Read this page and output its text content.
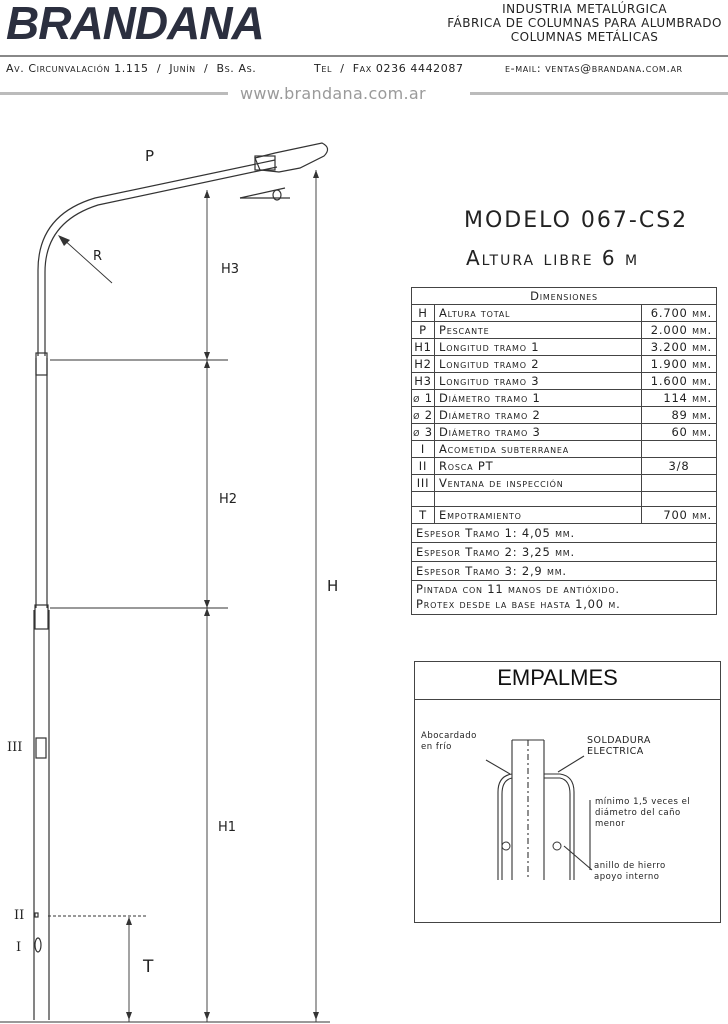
BRANDANA	INDUSTRIA METALÚRGICA
FÁBRICA DE COLUMNAS PARA ALUMBRADO
COLUMNAS METÁLICAS
Av. Circunvalación 1.115  /  Junín  /  Bs. As.	Tel  /  Fax 0236 4442087	e-mail: ventas@brandana.com.ar
www.brandana.com.ar
P
R
H3
H2
H1
H
T
III
II
I
MODELO 067-CS2
Altura libre 6 m
Dimensiones		
H	Altura total	6.700 mm.
P	Pescante	2.000 mm.
H1	Longitud tramo 1	3.200 mm.
H2	Longitud tramo 2	1.900 mm.
H3	Longitud tramo 3	1.600 mm.
ø 1	Diámetro tramo 1	114 mm.
ø 2	Diámetro tramo 2	89 mm.
ø 3	Diámetro tramo 3	60 mm.
I	Acometida subterranea	
II	Rosca PT	3/8
III	Ventana de inspección	

T	Empotramiento	700 mm.
Espesor Tramo 1: 4,05 mm.		
Espesor Tramo 2: 3,25 mm.		
Espesor Tramo 3: 2,9 mm.		

Pintada con 11 manos de antióxido.
Protex desde la base hasta 1,00 m.		
EMPALMES
Abocardado
en frío
SOLDADURA
ELECTRICA
mínimo 1,5 veces el
diámetro del caño
menor
anillo de hierro
apoyo interno
